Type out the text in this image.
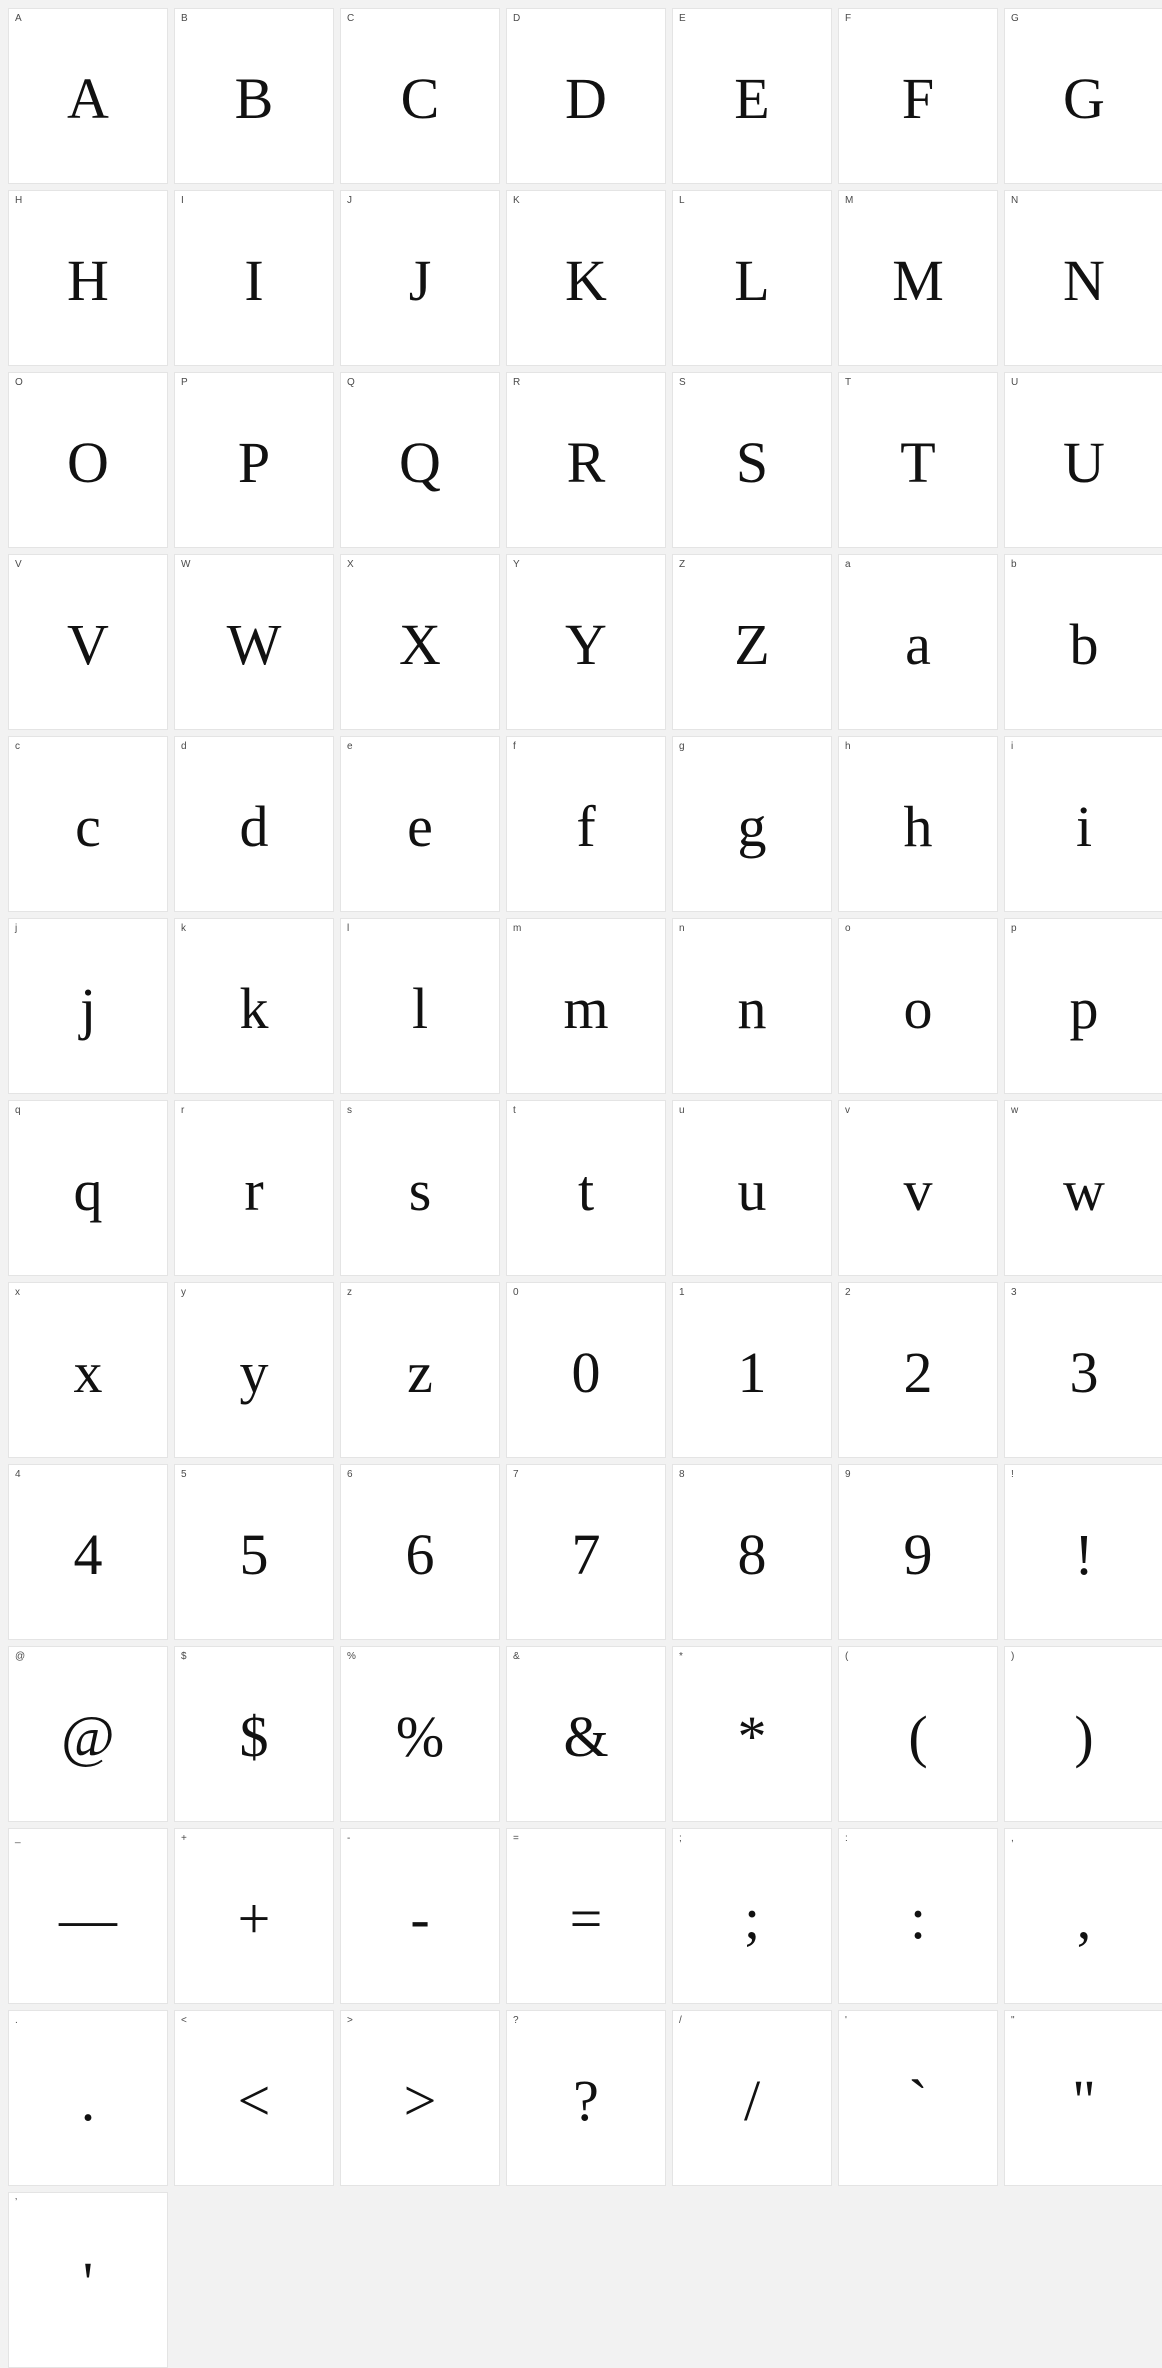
A
A
B
B
C
C
D
D
E
E
F
F
G
G
H
H
I
I
J
J
K
K
L
L
M
M
N
N
O
O
P
P
Q
Q
R
R
S
S
T
T
U
U
V
V
W
W
X
X
Y
Y
Z
Z
a
a
b
b
c
c
d
d
e
e
f
f
g
g
h
h
i
i
j
j
k
k
l
l
m
m
n
n
o
o
p
p
q
q
r
r
s
s
t
t
u
u
v
v
w
w
x
x
y
y
z
z
0
0
1
1
2
2
3
3
4
4
5
5
6
6
7
7
8
8
9
9
!
!
@
@
$
$
%
%
&
&
*
*
(
(
)
)
_
—
+
+
-
-
=
=
;
;
:
:
,
,
.
.
<
<
>
>
?
?
/
/
'
`
"
"
’
'
